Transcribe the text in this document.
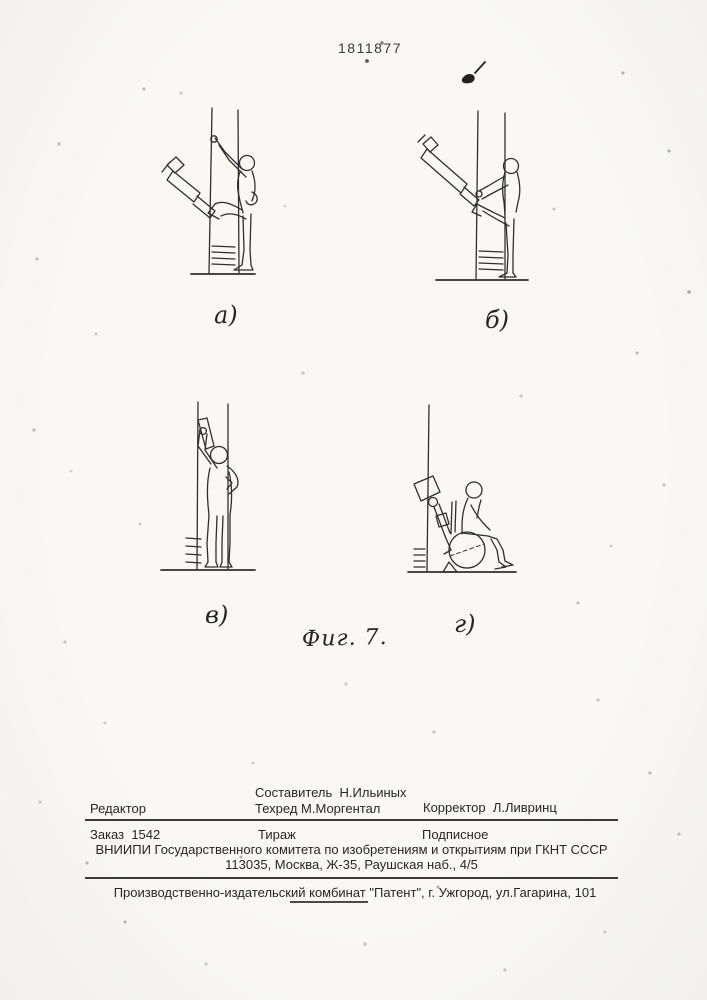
1811877
а)	б)
в)	г)
Фиг. 7.
Составитель  Н.Ильиных
Редактор	Техред М.Моргентал	Корректор  Л.Ливринц
Заказ  1542	Тираж	Подписное
ВНИИПИ Государственного комитета по изобретениям и открытиям при ГКНТ СССР
113035, Москва, Ж-35, Раушская наб., 4/5
Производственно-издательский комбинат "Патент", г. Ужгород, ул.Гагарина, 101
